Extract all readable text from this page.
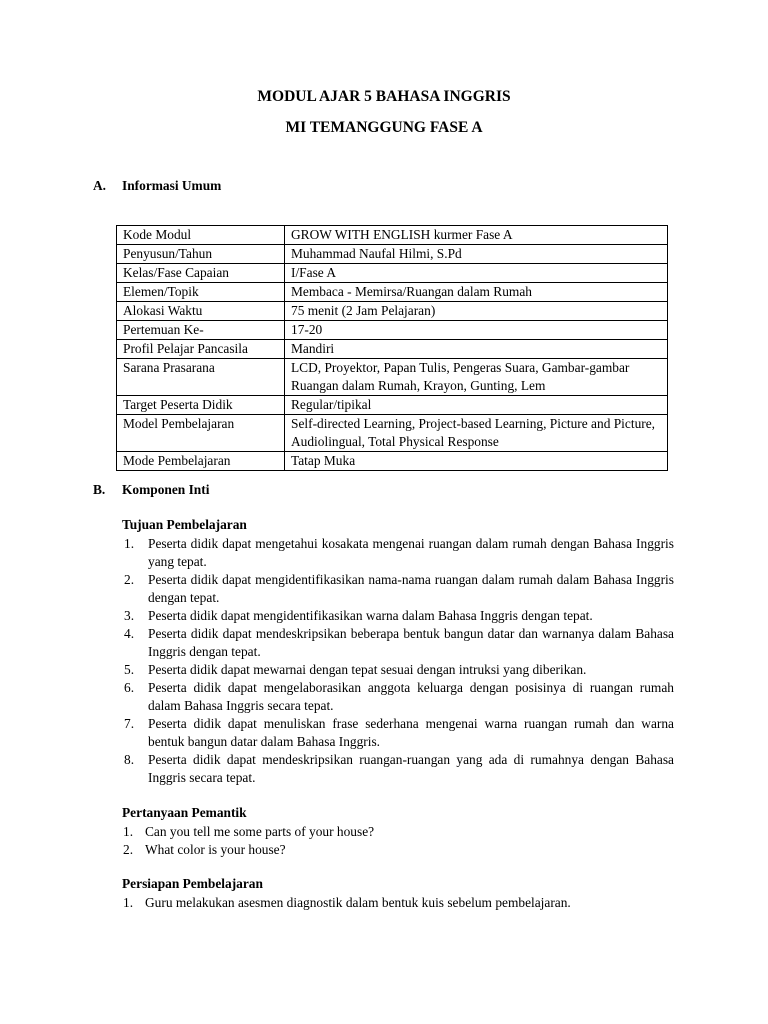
MODUL AJAR 5 BAHASA INGGRIS
MI TEMANGGUNG FASE A
A. Informasi Umum
Kode Modul	GROW WITH ENGLISH kurmer Fase A
Penyusun/Tahun	Muhammad Naufal Hilmi, S.Pd
Kelas/Fase Capaian	I/Fase A
Elemen/Topik	Membaca - Memirsa/Ruangan dalam Rumah
Alokasi Waktu	75 menit (2 Jam Pelajaran)
Pertemuan Ke-	17-20
Profil Pelajar Pancasila	Mandiri
Sarana Prasarana	LCD, Proyektor, Papan Tulis, Pengeras Suara, Gambar-gambar Ruangan dalam Rumah, Krayon, Gunting, Lem
Target Peserta Didik	Regular/tipikal
Model Pembelajaran	Self-directed Learning, Project-based Learning, Picture and Picture, Audiolingual, Total Physical Response
Mode Pembelajaran	Tatap Muka
B. Komponen Inti
Tujuan Pembelajaran
1. Peserta didik dapat mengetahui kosakata mengenai ruangan dalam rumah dengan Bahasa Inggris yang tepat.
2. Peserta didik dapat mengidentifikasikan nama-nama ruangan dalam rumah dalam Bahasa Inggris dengan tepat.
3. Peserta didik dapat mengidentifikasikan warna dalam Bahasa Inggris dengan tepat.
4. Peserta didik dapat mendeskripsikan beberapa bentuk bangun datar dan warnanya dalam Bahasa Inggris dengan tepat.
5. Peserta didik dapat mewarnai dengan tepat sesuai dengan intruksi yang diberikan.
6. Peserta didik dapat mengelaborasikan anggota keluarga dengan posisinya di ruangan rumah dalam Bahasa Inggris secara tepat.
7. Peserta didik dapat menuliskan frase sederhana mengenai warna ruangan rumah dan warna bentuk bangun datar dalam Bahasa Inggris.
8. Peserta didik dapat mendeskripsikan ruangan-ruangan yang ada di rumahnya dengan Bahasa Inggris secara tepat.
Pertanyaan Pemantik
1. Can you tell me some parts of your house?
2. What color is your house?
Persiapan Pembelajaran
1. Guru melakukan asesmen diagnostik dalam bentuk kuis sebelum pembelajaran.
